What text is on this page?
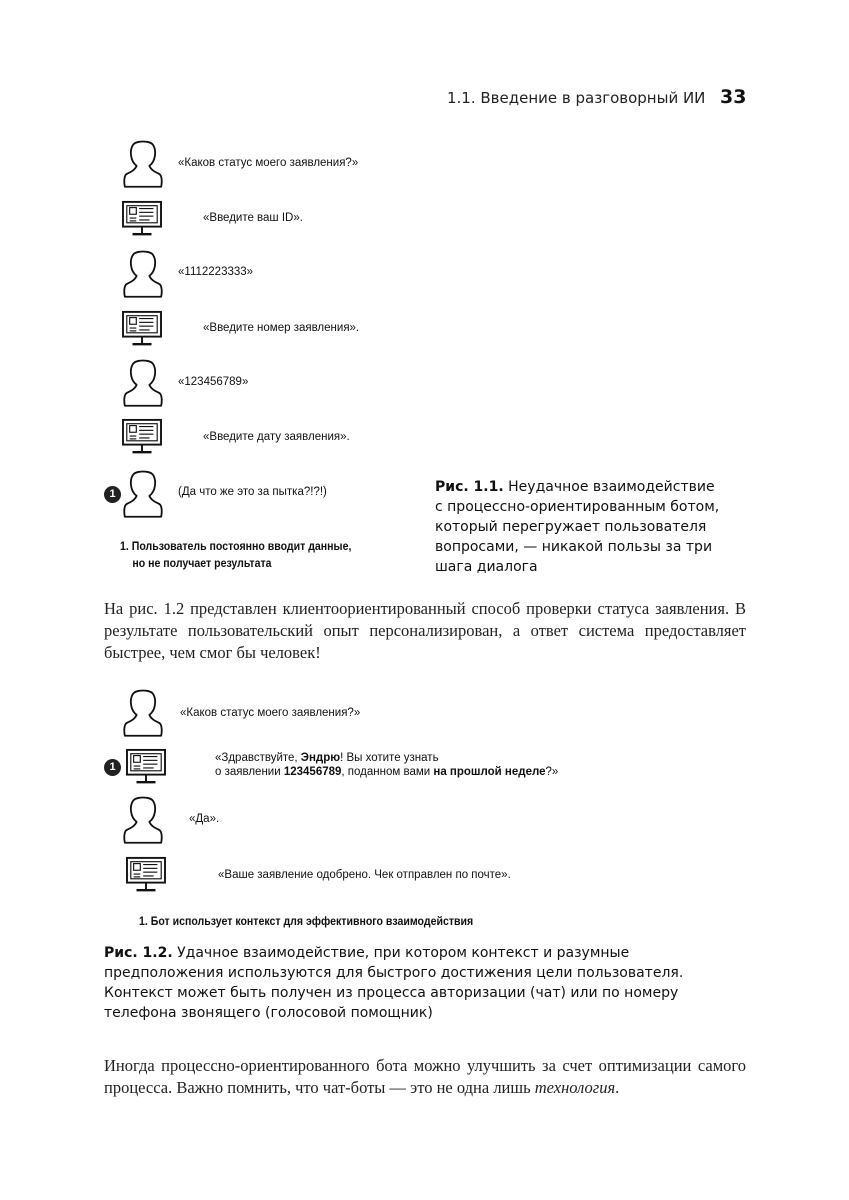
1.1. Введение в разговорный ИИ 33
«Каков статус моего заявления?»
«Введите ваш ID».
«1112223333»
«Введите номер заявления».
«123456789»
«Введите дату заявления».
1	(Да что же это за пытка?!?!)
1. Пользователь постоянно вводит данные,
но не получает результата
Рис. 1.1. Неудачное взаимодействие
с процессно-ориентированным ботом,
который перегружает пользователя
вопросами, — никакой пользы за три
шага диалога
На рис. 1.2 представлен клиентоориентированный способ проверки статуса заявления. В результате пользовательский опыт персонализирован, а ответ система предоставляет быстрее, чем смог бы человек!
«Каков статус моего заявления?»
1
«Здравствуйте, Эндрю! Вы хотите узнать
о заявлении 123456789, поданном вами на прошлой неделе?»
«Да».
«Ваше заявление одобрено. Чек отправлен по почте».
1. Бот использует контекст для эффективного взаимодействия
Рис. 1.2. Удачное взаимодействие, при котором контекст и разумные
предположения используются для быстрого достижения цели пользователя.
Контекст может быть получен из процесса авторизации (чат) или по номеру
телефона звонящего (голосовой помощник)
Иногда процессно-ориентированного бота можно улучшить за счет оптимизации самого процесса. Важно помнить, что чат-боты — это не одна лишь технология.
